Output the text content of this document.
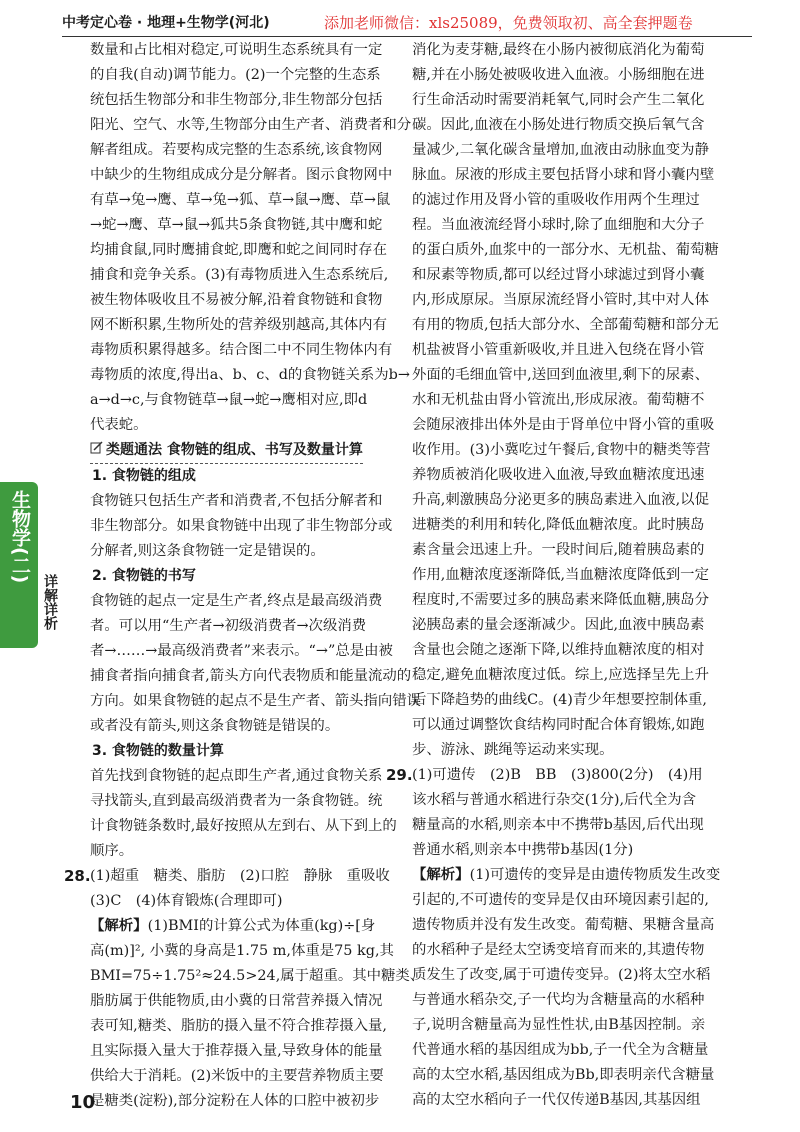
中考定心卷 · 地理+生物学(河北)	添加老师微信：xls25089，免费领取初、高全套押题卷
生物学(二)
详解详析
数量和占比相对稳定,可说明生态系统具有一定
的自我(自动)调节能力。(2)一个完整的生态系
统包括生物部分和非生物部分,非生物部分包括
阳光、空气、水等,生物部分由生产者、消费者和分
解者组成。若要构成完整的生态系统,该食物网
中缺少的生物组成成分是分解者。图示食物网中
有草→兔→鹰、草→兔→狐、草→鼠→鹰、草→鼠
→蛇→鹰、草→鼠→狐共5条食物链,其中鹰和蛇
均捕食鼠,同时鹰捕食蛇,即鹰和蛇之间同时存在
捕食和竞争关系。(3)有毒物质进入生态系统后,
被生物体吸收且不易被分解,沿着食物链和食物
网不断积累,生物所处的营养级别越高,其体内有
毒物质积累得越多。结合图二中不同生物体内有
毒物质的浓度,得出a、b、c、d的食物链关系为b→
a→d→c,与食物链草→鼠→蛇→鹰相对应,即d
代表蛇。
类题通法 食物链的组成、书写及数量计算
1. 食物链的组成
食物链只包括生产者和消费者,不包括分解者和
非生物部分。如果食物链中出现了非生物部分或
分解者,则这条食物链一定是错误的。
2. 食物链的书写
食物链的起点一定是生产者,终点是最高级消费
者。可以用“生产者→初级消费者→次级消费
者→……→最高级消费者”来表示。“→”总是由被
捕食者指向捕食者,箭头方向代表物质和能量流动的
方向。如果食物链的起点不是生产者、箭头指向错误
或者没有箭头,则这条食物链是错误的。
3. 食物链的数量计算
首先找到食物链的起点即生产者,通过食物关系
寻找箭头,直到最高级消费者为一条食物链。统
计食物链条数时,最好按照从左到右、从下到上的
顺序。
28. (1)超重　糖类、脂肪　(2)口腔　静脉　重吸收
(3)C　(4)体育锻炼(合理即可)
【解析】(1)BMI的计算公式为体重(kg)÷[身
高(m)]², 小冀的身高是1.75 m,体重是75 kg,其
BMI=75÷1.75²≈24.5>24,属于超重。其中糖类、
脂肪属于供能物质,由小冀的日常营养摄入情况
表可知,糖类、脂肪的摄入量不符合推荐摄入量,
且实际摄入量大于推荐摄入量,导致身体的能量
供给大于消耗。(2)米饭中的主要营养物质主要
是糖类(淀粉),部分淀粉在人体的口腔中被初步
消化为麦芽糖,最终在小肠内被彻底消化为葡萄
糖,并在小肠处被吸收进入血液。小肠细胞在进
行生命活动时需要消耗氧气,同时会产生二氧化
碳。因此,血液在小肠处进行物质交换后氧气含
量减少,二氧化碳含量增加,血液由动脉血变为静
脉血。尿液的形成主要包括肾小球和肾小囊内壁
的滤过作用及肾小管的重吸收作用两个生理过
程。当血液流经肾小球时,除了血细胞和大分子
的蛋白质外,血浆中的一部分水、无机盐、葡萄糖
和尿素等物质,都可以经过肾小球滤过到肾小囊
内,形成原尿。当原尿流经肾小管时,其中对人体
有用的物质,包括大部分水、全部葡萄糖和部分无
机盐被肾小管重新吸收,并且进入包绕在肾小管
外面的毛细血管中,送回到血液里,剩下的尿素、
水和无机盐由肾小管流出,形成尿液。葡萄糖不
会随尿液排出体外是由于肾单位中肾小管的重吸
收作用。(3)小冀吃过午餐后,食物中的糖类等营
养物质被消化吸收进入血液,导致血糖浓度迅速
升高,刺激胰岛分泌更多的胰岛素进入血液,以促
进糖类的利用和转化,降低血糖浓度。此时胰岛
素含量会迅速上升。一段时间后,随着胰岛素的
作用,血糖浓度逐渐降低,当血糖浓度降低到一定
程度时,不需要过多的胰岛素来降低血糖,胰岛分
泌胰岛素的量会逐渐减少。因此,血液中胰岛素
含量也会随之逐渐下降,以维持血糖浓度的相对
稳定,避免血糖浓度过低。综上,应选择呈先上升
后下降趋势的曲线C。(4)青少年想要控制体重,
可以通过调整饮食结构同时配合体育锻炼,如跑
步、游泳、跳绳等运动来实现。
29. (1)可遗传　(2)B　BB　(3)800(2分)　(4)用
该水稻与普通水稻进行杂交(1分),后代全为含
糖量高的水稻,则亲本中不携带b基因,后代出现
普通水稻,则亲本中携带b基因(1分)
【解析】(1)可遗传的变异是由遗传物质发生改变
引起的,不可遗传的变异是仅由环境因素引起的,
遗传物质并没有发生改变。葡萄糖、果糖含量高
的水稻种子是经太空诱变培育而来的,其遗传物
质发生了改变,属于可遗传变异。(2)将太空水稻
与普通水稻杂交,子一代均为含糖量高的水稻种
子,说明含糖量高为显性性状,由B基因控制。亲
代普通水稻的基因组成为bb,子一代全为含糖量
高的太空水稻,基因组成为Bb,即表明亲代含糖量
高的太空水稻向子一代仅传递B基因,其基因组
10
